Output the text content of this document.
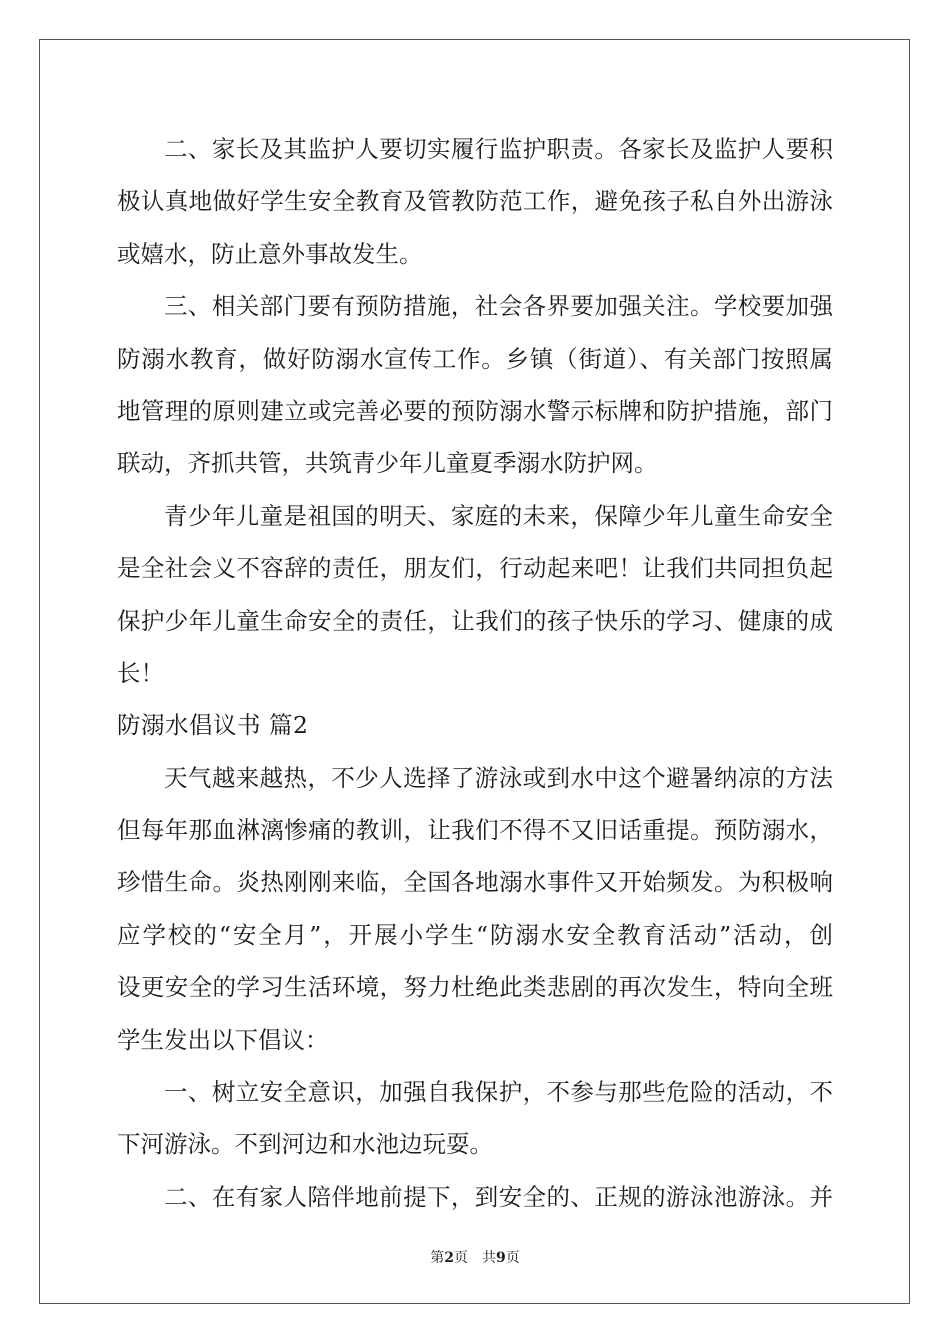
二、家长及其监护人要切实履行监护职责。各家长及监护人要积
极认真地做好学生安全教育及管教防范工作，避免孩子私自外出游泳
或嬉水，防止意外事故发生。
三、相关部门要有预防措施，社会各界要加强关注。学校要加强
防溺水教育，做好防溺水宣传工作。乡镇（街道）、有关部门按照属
地管理的原则建立或完善必要的预防溺水警示标牌和防护措施，部门
联动，齐抓共管，共筑青少年儿童夏季溺水防护网。
青少年儿童是祖国的明天、家庭的未来，保障少年儿童生命安全
是全社会义不容辞的责任，朋友们，行动起来吧！让我们共同担负起
保护少年儿童生命安全的责任，让我们的孩子快乐的学习、健康的成
长！
防溺水倡议书 篇2
天气越来越热，不少人选择了游泳或到水中这个避暑纳凉的方法
但每年那血淋漓惨痛的教训，让我们不得不又旧话重提。预防溺水，
珍惜生命。炎热刚刚来临，全国各地溺水事件又开始频发。为积极响
应学校的“安全月”，开展小学生“防溺水安全教育活动”活动，创
设更安全的学习生活环境，努力杜绝此类悲剧的再次发生，特向全班
学生发出以下倡议：
一、树立安全意识，加强自我保护，不参与那些危险的活动，不
下河游泳。不到河边和水池边玩耍。
二、在有家人陪伴地前提下，到安全的、正规的游泳池游泳。并
第2页 共9页
